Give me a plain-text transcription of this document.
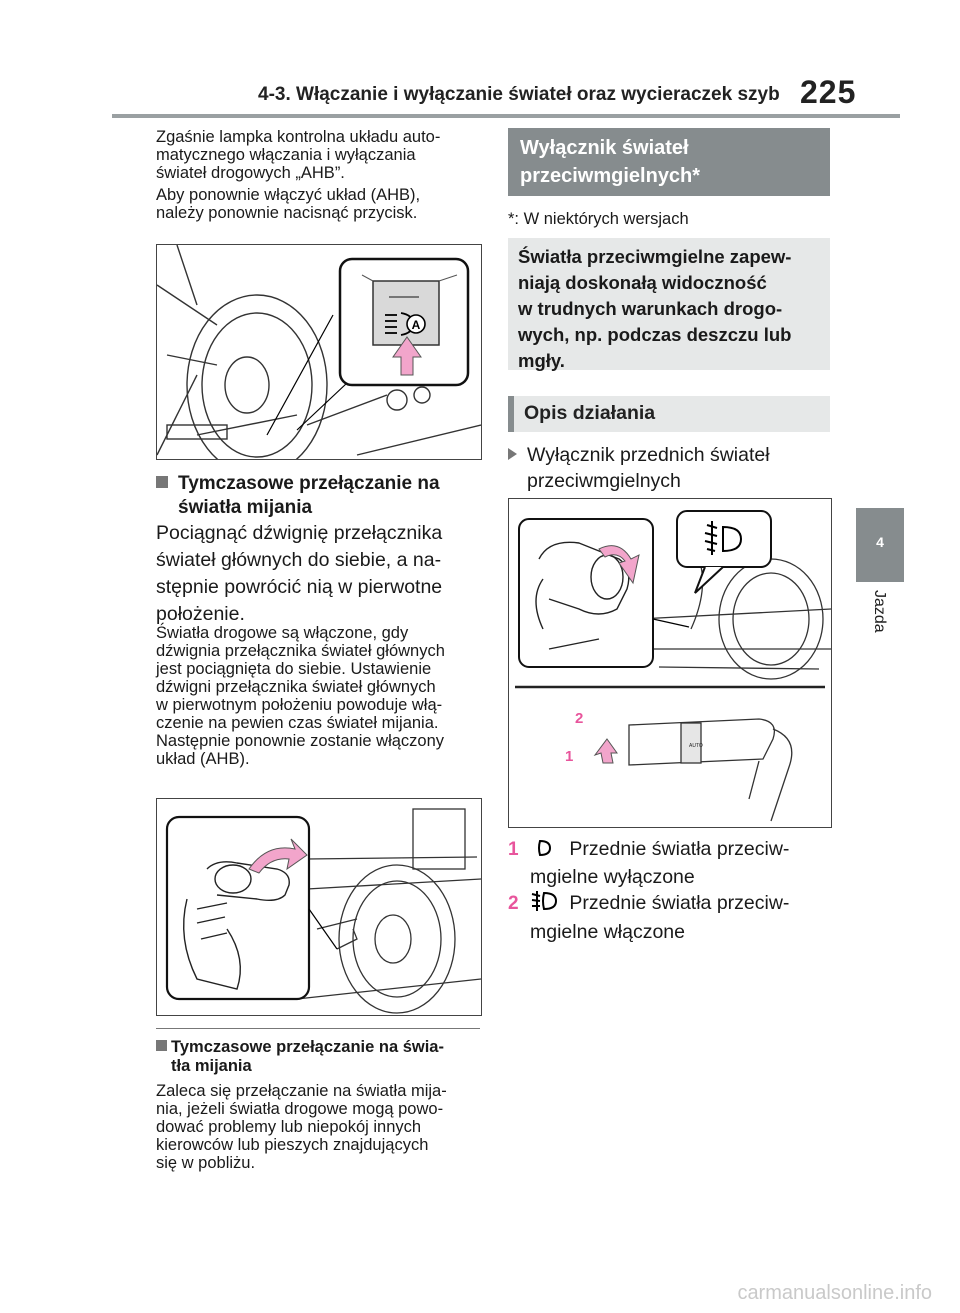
4-3. Włączanie i wyłączanie świateł oraz wycieraczek szyb 225
4
Jazda
Zgaśnie lampka kontrolna układu auto-
matycznego włączania i wyłączania
świateł drogowych „AHB”.
Aby ponownie włączyć układ (AHB),
należy ponownie nacisnąć przycisk.
A
Tymczasowe przełączanie na
światła mijania
Pociągnąć dźwignię przełącznika
świateł głównych do siebie, a na-
stępnie powrócić nią w pierwotne
położenie.
Światła drogowe są włączone, gdy
dźwignia przełącznika świateł głównych
jest pociągnięta do siebie. Ustawienie
dźwigni przełącznika świateł głównych
w pierwotnym położeniu powoduje włą-
czenie na pewien czas świateł mijania.
Następnie ponownie zostanie włączony
układ (AHB).
Tymczasowe przełączanie na świa-
tła mijania
Zaleca się przełączanie na światła mija-
nia, jeżeli światła drogowe mogą powo-
dować problemy lub niepokój innych
kierowców lub pieszych znajdujących
się w pobliżu.
Wyłącznik świateł
przeciwmgielnych*
*: W niektórych wersjach
Światła przeciwmgielne zapew-
niają doskonałą widoczność
w trudnych warunkach drogo-
wych, np. podczas deszczu lub
mgły.
Opis działania
Wyłącznik przednich świateł
przeciwmgielnych
AUTO
2
1
1	Przednie światła przeciw-
mgielne wyłączone
2	Przednie światła przeciw-
mgielne włączone
carmanualsonline.info
